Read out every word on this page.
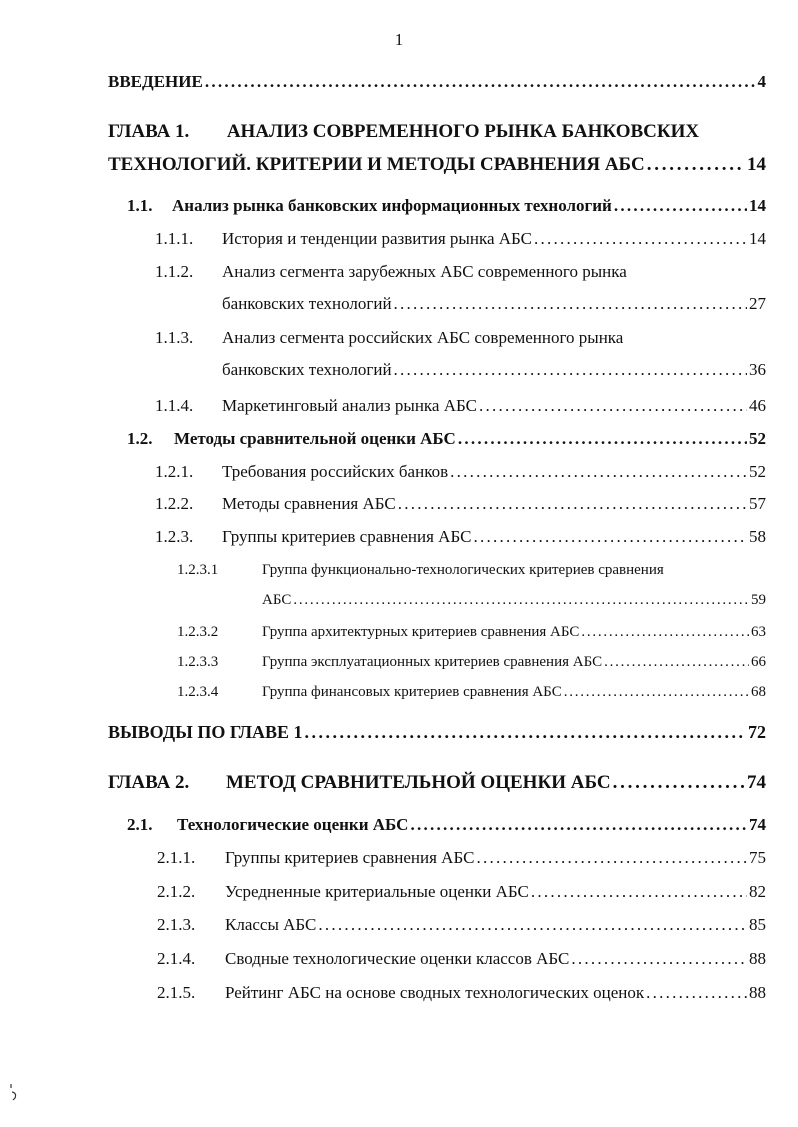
1
ВВЕДЕНИЕ . . .	4
ГЛАВА 1. АНАЛИЗ СОВРЕМЕННОГО РЫНКА БАНКОВСКИХ
ТЕХНОЛОГИЙ. КРИТЕРИИ И МЕТОДЫ СРАВНЕНИЯ АБС . . .	14
1.1.	Анализ рынка банковских информационных технологий . . .	14
1.1.1.	История и тенденции развития рынка АБС . . .	14
1.1.2. Анализ сегмента зарубежных АБС современного рынка
банковских технологий . . .	27
1.1.3. Анализ сегмента российских АБС современного рынка
банковских технологий . . .	36
1.1.4.	Маркетинговый анализ рынка АБС . . .	46
1.2.	Методы сравнительной оценки АБС . . .	52
1.2.1.	Требования российских банков . . .	52
1.2.2.	Методы сравнения АБС . . .	57
1.2.3.	Группы критериев сравнения АБС . . .	58
1.2.3.1	Группа функционально-технологических критериев сравнения
АБС . . .	59
1.2.3.2	Группа архитектурных критериев сравнения АБС . . .	63
1.2.3.3	Группа эксплуатационных критериев сравнения АБС . . .	66
1.2.3.4	Группа финансовых критериев сравнения АБС . . .	68
ВЫВОДЫ ПО ГЛАВЕ 1 . . .	72
ГЛАВА 2.	МЕТОД СРАВНИТЕЛЬНОЙ ОЦЕНКИ АБС . . .	74
2.1.	Технологические оценки АБС . . .	74
2.1.1.	Группы критериев сравнения АБС . . .	75
2.1.2.	Усредненные критериальные оценки АБС . . .	82
2.1.3.	Классы АБС . . .	85
2.1.4.	Сводные технологические оценки классов АБС . . .	88
2.1.5.	Рейтинг АБС на основе сводных технологических оценок . . .	88
